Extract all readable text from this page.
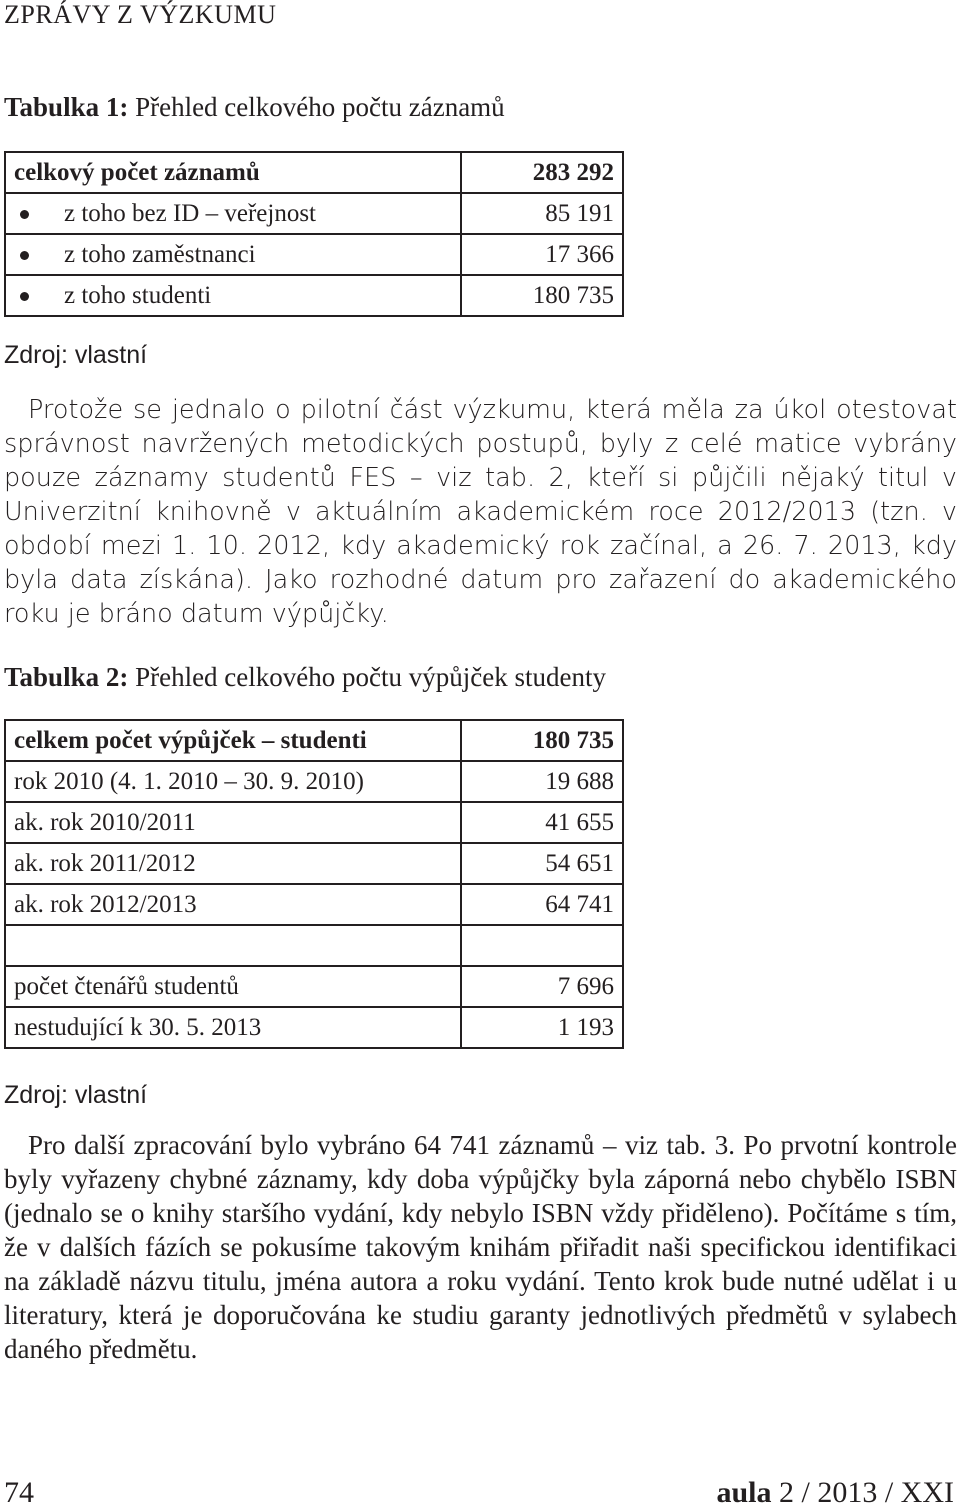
ZPRÁVY Z VÝZKUMU
Tabulka 1: Přehled celkového počtu záznamů
celkový počet záznamů	283 292
z toho bez ID – veřejnost	85 191
z toho zaměstnanci	17 366
z toho studenti	180 735
Zdroj: vlastní
Protože se jednalo o pilotní část výzkumu, která měla za úkol otestovat správnost navržených metodických postupů, byly z celé matice vybrány pouze záznamy studentů FES – viz tab. 2, kteří si půjčili nějaký titul v Univerzitní knihovně v aktuálním akademickém roce 2012/2013 (tzn. v období mezi 1. 10. 2012, kdy akademický rok začínal, a 26. 7. 2013, kdy byla data získána). Jako rozhodné datum pro zařazení do akademického roku je bráno datum výpůjčky.
Tabulka 2: Přehled celkového počtu výpůjček studenty
celkem počet výpůjček – studenti	180 735
rok 2010 (4. 1. 2010 – 30. 9. 2010)	19 688
ak. rok 2010/2011	41 655
ak. rok 2011/2012	54 651
ak. rok 2012/2013	64 741

počet čtenářů studentů	7 696
nestudující k 30. 5. 2013	1 193
Zdroj: vlastní
Pro další zpracování bylo vybráno 64 741 záznamů – viz tab. 3. Po prvotní kontrole byly vyřazeny chybné záznamy, kdy doba výpůjčky byla záporná nebo chybělo ISBN (jednalo se o knihy staršího vydání, kdy nebylo ISBN vždy přiděleno). Počítáme s tím, že v dalších fázích se pokusíme takovým knihám přiřadit naši specifickou identifikaci na základě názvu titulu, jména autora a roku vydání. Tento krok bude nutné udělat i u literatury, která je doporučována ke studiu garanty jednotlivých předmětů v sylabech daného předmětu.
74	aula 2 / 2013 / XXI
